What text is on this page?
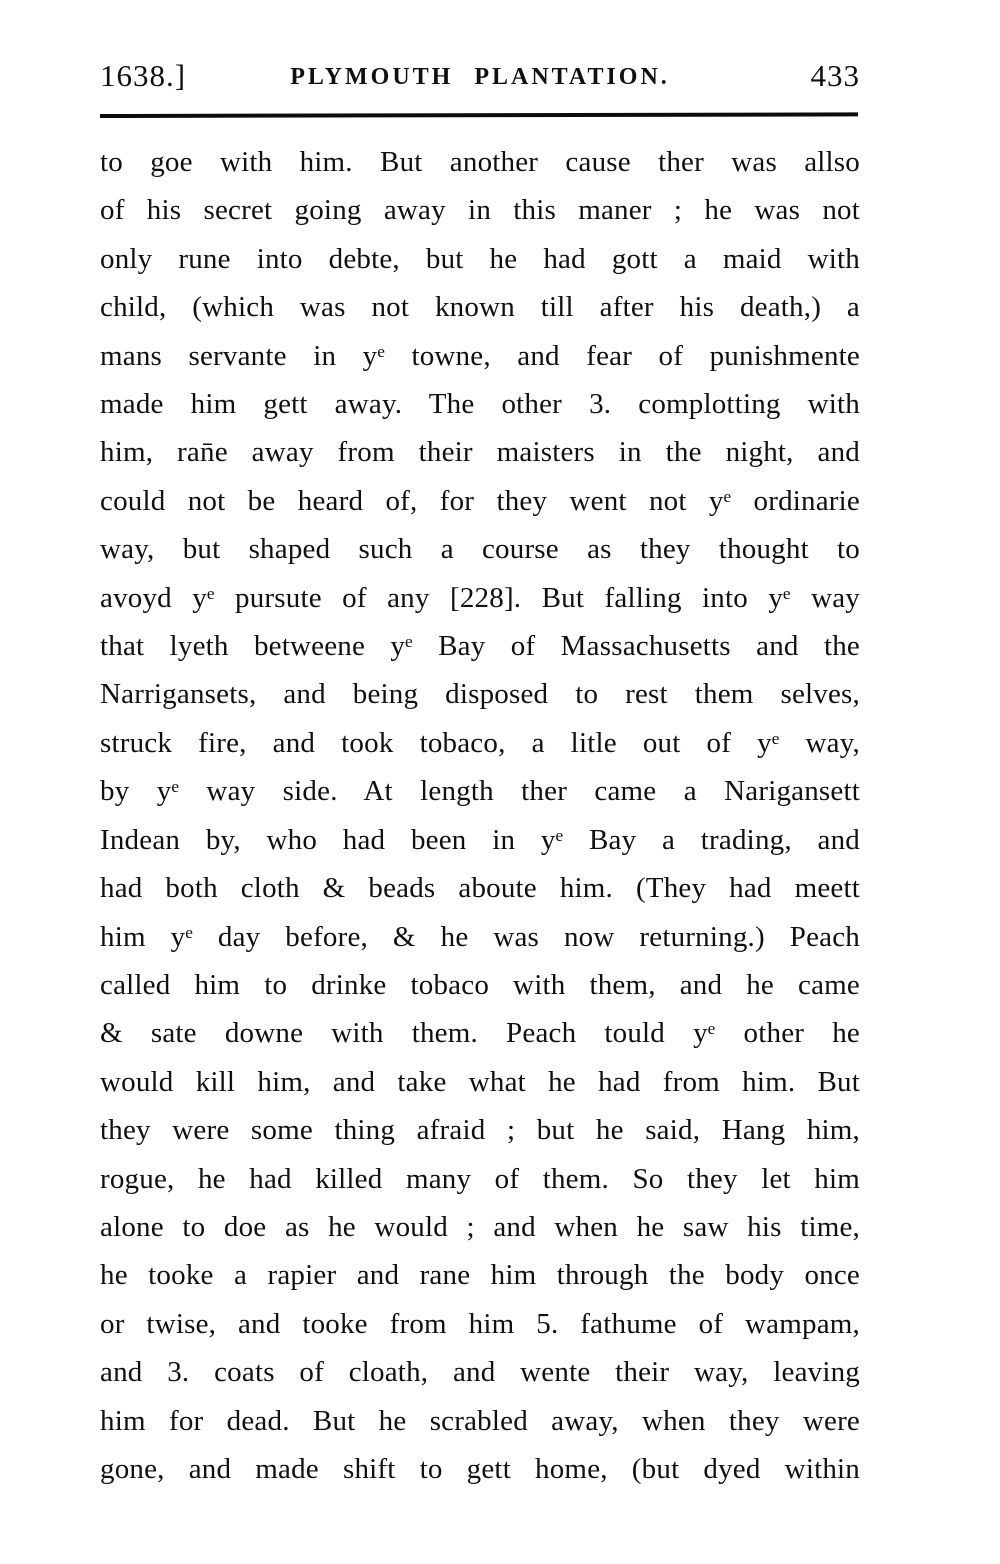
1638.]	PLYMOUTH PLANTATION.	433

to goe with him. But another cause ther was allso

of his secret going away in this maner ; he was not

only rune into debte, but he had gott a maid with

child, (which was not known till after his death,) a

mans servante in yᵉ towne, and fear of punishmente

made him gett away. The other 3. complotting with

him, ran̄e away from their maisters in the night, and

could not be heard of, for they went not yᵉ ordinarie

way, but shaped such a course as they thought to

avoyd yᵉ pursute of any [228]. But falling into yᵉ way

that lyeth betweene yᵉ Bay of Massachusetts and the

Narrigansets, and being disposed to rest them selves,

struck fire, and took tobaco, a litle out of yᵉ way,

by yᵉ way side. At length ther came a Narigansett

Indean by, who had been in yᵉ Bay a trading, and

had both cloth & beads aboute him. (They had meett

him yᵉ day before, & he was now returning.) Peach

called him to drinke tobaco with them, and he came

& sate downe with them. Peach tould yᵉ other he

would kill him, and take what he had from him. But

they were some thing afraid ; but he said, Hang him,

rogue, he had killed many of them. So they let him

alone to doe as he would ; and when he saw his time,

he tooke a rapier and rane him through the body once

or twise, and tooke from him 5. fathume of wampam,

and 3. coats of cloath, and wente their way, leaving

him for dead. But he scrabled away, when they were

gone, and made shift to gett home, (but dyed within
